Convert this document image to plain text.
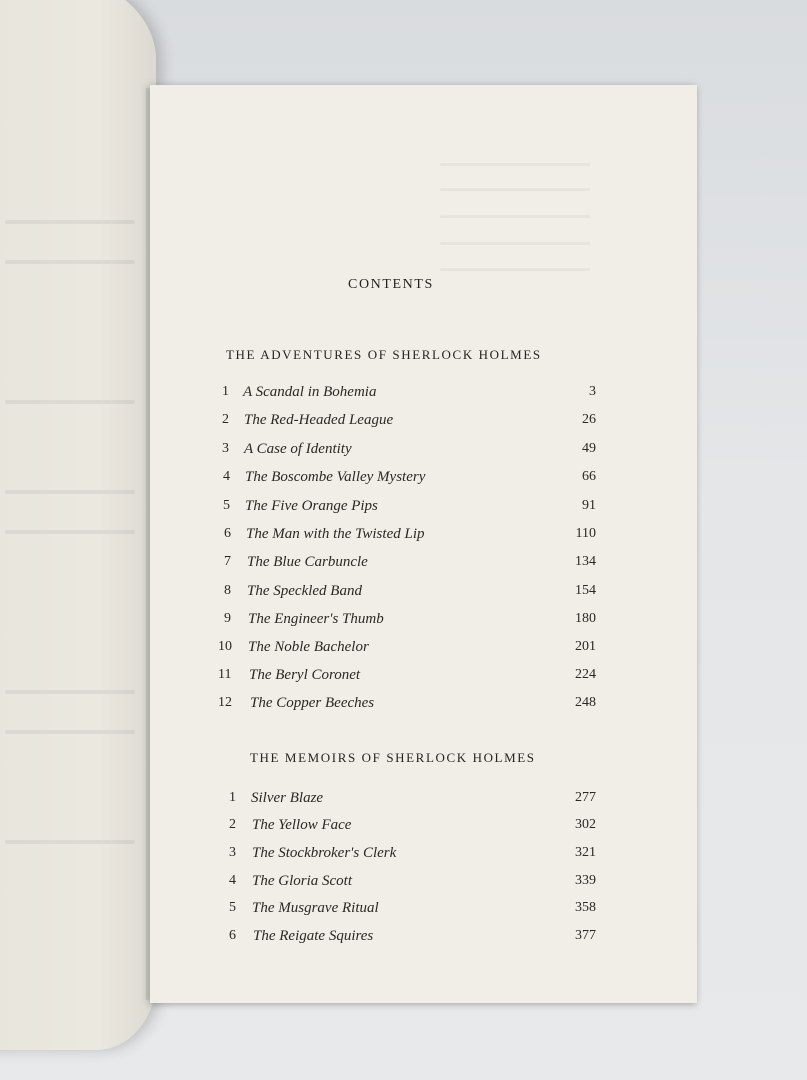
CONTENTS
THE ADVENTURES OF SHERLOCK HOLMES
1 A Scandal in Bohemia	3
2 The Red-Headed League	26
3 A Case of Identity	49
4 The Boscombe Valley Mystery	66
5 The Five Orange Pips	91
6 The Man with the Twisted Lip	110
7 The Blue Carbuncle	134
8 The Speckled Band	154
9 The Engineer's Thumb	180
10 The Noble Bachelor	201
11 The Beryl Coronet	224
12 The Copper Beeches	248
THE MEMOIRS OF SHERLOCK HOLMES
1 Silver Blaze	277
2 The Yellow Face	302
3 The Stockbroker's Clerk	321
4 The Gloria Scott	339
5 The Musgrave Ritual	358
6 The Reigate Squires	377
